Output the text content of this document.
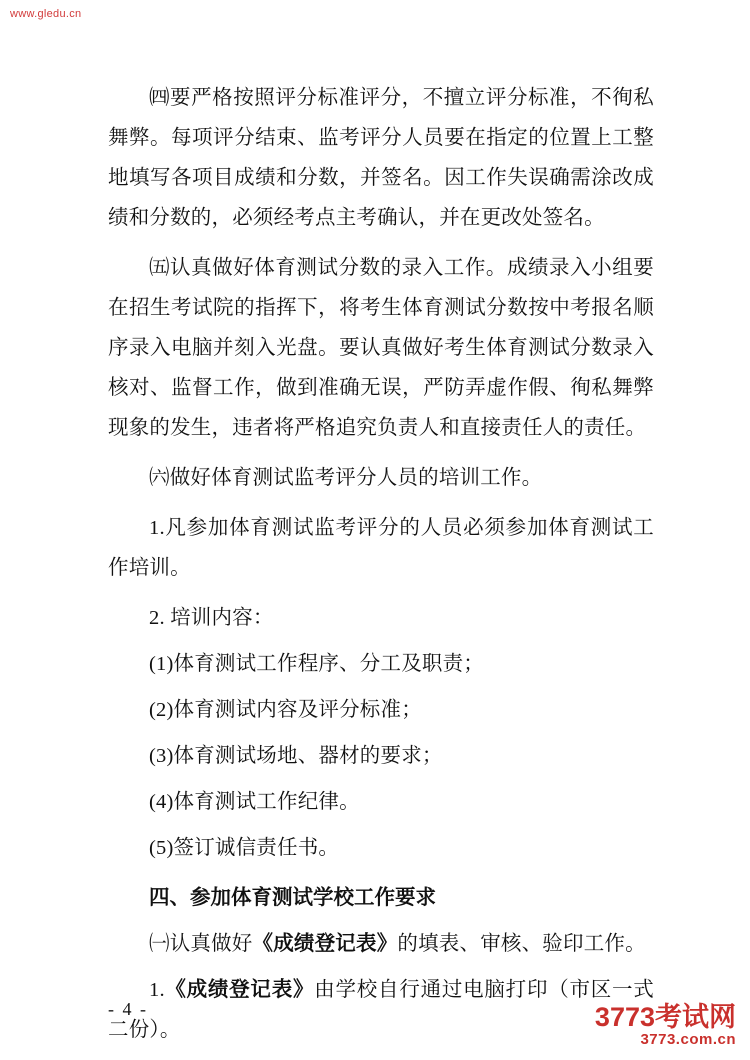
www.gledu.cn

㈣要严格按照评分标准评分，不擅立评分标准，不徇私舞弊。每项评分结束、监考评分人员要在指定的位置上工整地填写各项目成绩和分数，并签名。因工作失误确需涂改成绩和分数的，必须经考点主考确认，并在更改处签名。

㈤认真做好体育测试分数的录入工作。成绩录入小组要在招生考试院的指挥下，将考生体育测试分数按中考报名顺序录入电脑并刻入光盘。要认真做好考生体育测试分数录入核对、监督工作，做到准确无误，严防弄虚作假、徇私舞弊现象的发生，违者将严格追究负责人和直接责任人的责任。

㈥做好体育测试监考评分人员的培训工作。

1.凡参加体育测试监考评分的人员必须参加体育测试工作培训。

2. 培训内容：

(1)体育测试工作程序、分工及职责；

(2)体育测试内容及评分标准；

(3)体育测试场地、器材的要求；

(4)体育测试工作纪律。

(5)签订诚信责任书。

四、参加体育测试学校工作要求

㈠认真做好《成绩登记表》的填表、审核、验印工作。

1.《成绩登记表》由学校自行通过电脑打印（市区一式二份）。

- 4 -	3773考试网
3773.com.cn
